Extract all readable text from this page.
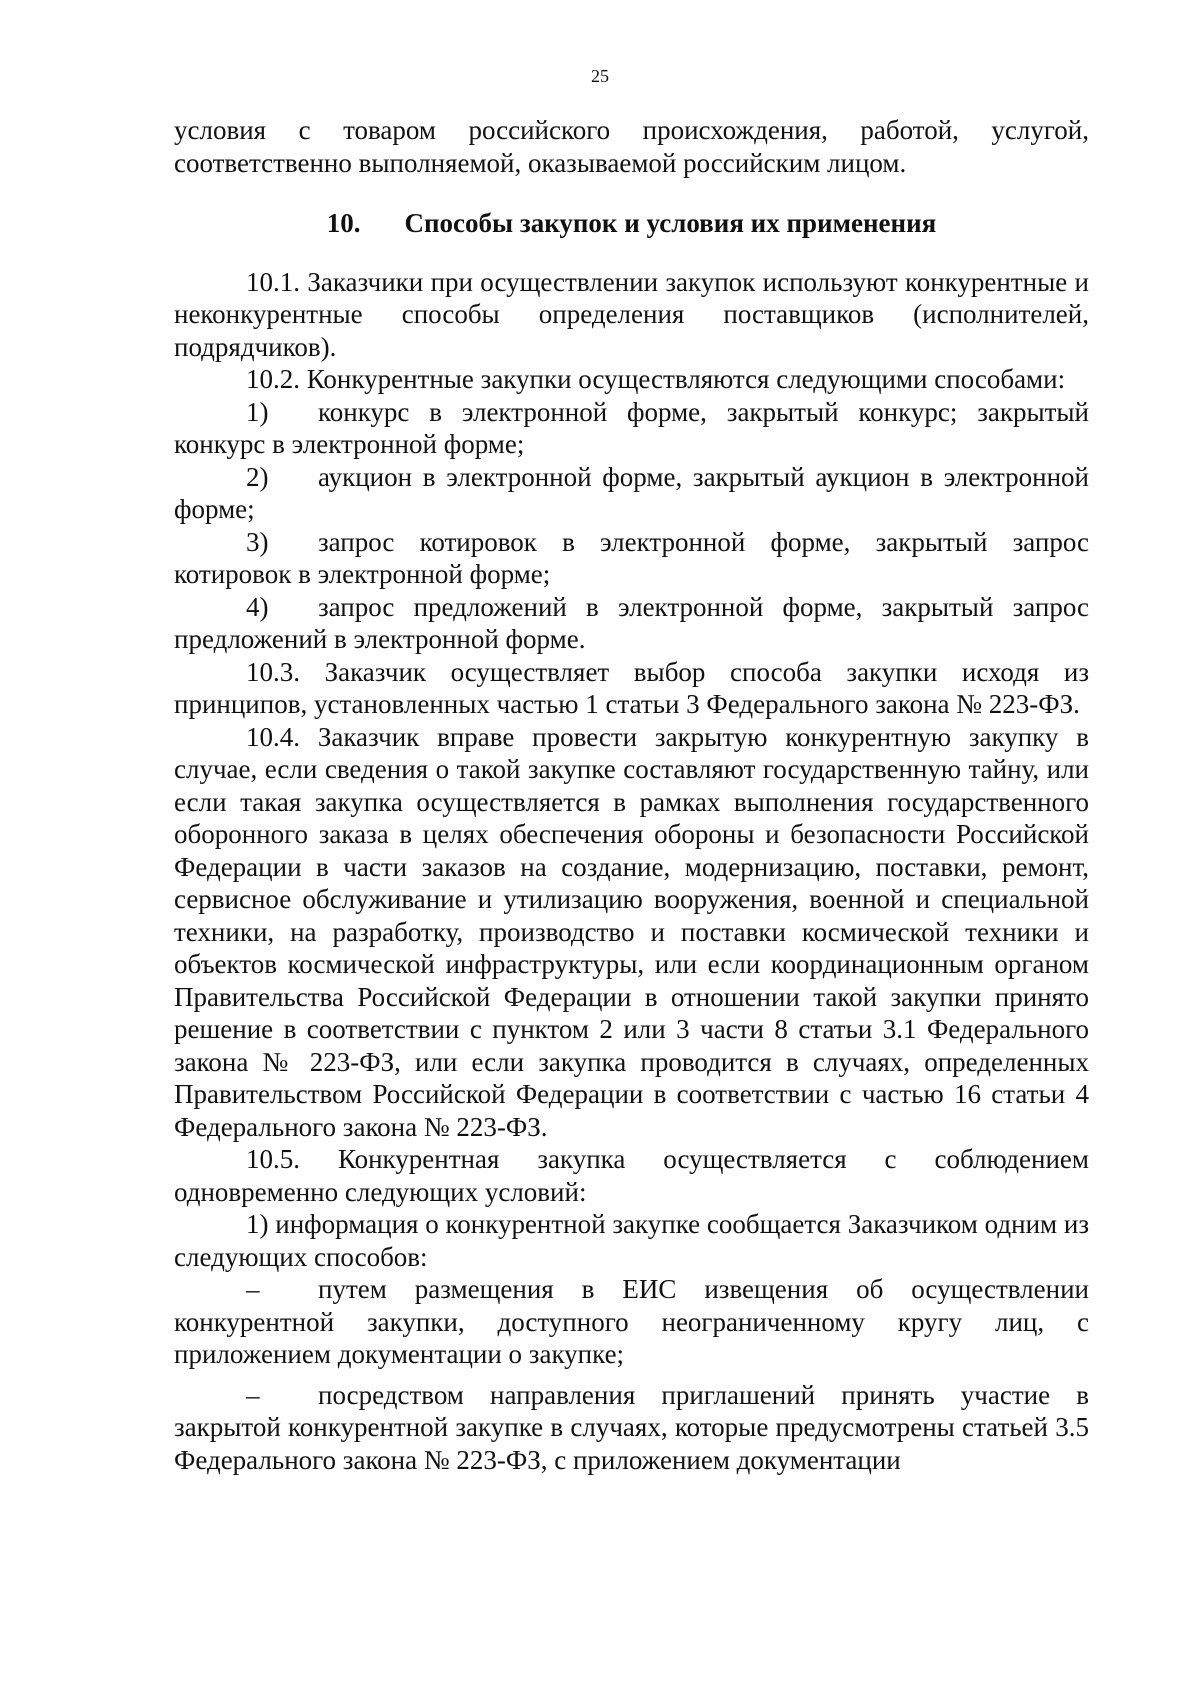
25

условия с товаром российского происхождения, работой, услугой, соответственно выполняемой, оказываемой российским лицом.

10. Способы закупок и условия их применения

10.1. Заказчики при осуществлении закупок используют конкурентные и неконкурентные способы определения поставщиков (исполнителей, подрядчиков).

10.2. Конкурентные закупки осуществляются следующими способами:

1) конкурс в электронной форме, закрытый конкурс; закрытый конкурс в электронной форме;

2) аукцион в электронной форме, закрытый аукцион в электронной форме;

3) запрос котировок в электронной форме, закрытый запрос котировок в электронной форме;

4) запрос предложений в электронной форме, закрытый запрос предложений в электронной форме.

10.3. Заказчик осуществляет выбор способа закупки исходя из принципов, установленных частью 1 статьи 3 Федерального закона № 223-ФЗ.

10.4. Заказчик вправе провести закрытую конкурентную закупку в случае, если сведения о такой закупке составляют государственную тайну, или если такая закупка осуществляется в рамках выполнения государственного оборонного заказа в целях обеспечения обороны и безопасности Российской Федерации в части заказов на создание, модернизацию, поставки, ремонт, сервисное обслуживание и утилизацию вооружения, военной и специальной техники, на разработку, производство и поставки космической техники и объектов космической инфраструктуры, или если координационным органом Правительства Российской Федерации в отношении такой закупки принято решение в соответствии с пунктом 2 или 3 части 8 статьи 3.1 Федерального закона № 223-ФЗ, или если закупка проводится в случаях, определенных Правительством Российской Федерации в соответствии с частью 16 статьи 4 Федерального закона № 223-ФЗ.

10.5. Конкурентная закупка осуществляется с соблюдением одновременно следующих условий:

1) информация о конкурентной закупке сообщается Заказчиком одним из следующих способов:

– путем размещения в ЕИС извещения об осуществлении конкурентной закупки, доступного неограниченному кругу лиц, с приложением документации о закупке;

– посредством направления приглашений принять участие в закрытой конкурентной закупке в случаях, которые предусмотрены статьей 3.5 Федерального закона № 223-ФЗ, с приложением документации
